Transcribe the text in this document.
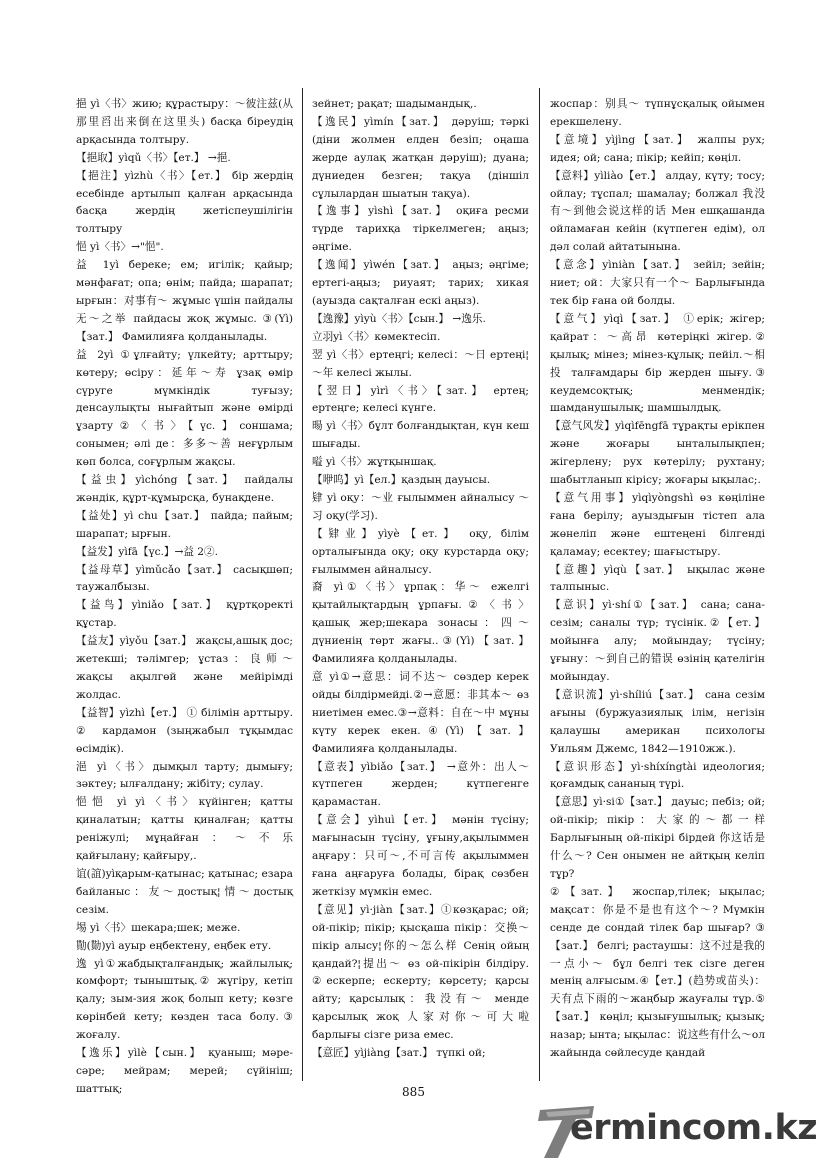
挹 yì〈书〉жию; құрастыру：～彼注兹(从那里舀出来倒在这里头) басқа біреудің арқасында толтыру.

【挹取】yìqǔ〈书〉【ет.】 →挹.

【挹注】yìzhù〈书〉【ет.】 бір жердің есебінде артылып қалған арқасында басқа жердің жетіспеушілігін толтыру

悒 yì〈书〉→"悒".

益 1yì береке; ем; игілік; қайыр; мәнфағат; опа; өнім; пайда; шарапат; ырғын：对事有～ жұмыс үшін пайдалы 无～之举 пайдасы жоқ жұмыс. ③(Yì)【зат.】 Фамилияға қолданылады.

益 2yì ①ұлғайту; үлкейту; арттыру; көтеру; өсіру：延年～寿 ұзақ өмір сүруге мүмкіндік туғызу; денсаулықты нығайтып және өмірді ұзарту②〈书〉【үс.】соншама; сонымен; әлі де：多多～善 неғұрлым көп болса, соғұрлым жақсы.

【益虫】yìchóng【зат.】 пайдалы жәндік, құрт-құмырсқа, бунақдене.

【益处】yì chu【зат.】 пайда; пайым; шарапат; ырғын.

【益发】yìfā【үс.】→益 2②.

【益母草】yìmǔcǎo【зат.】 сасықшөп; таужалбызы.

【益鸟】yìniǎo【зат.】 құртқоректі құстар.

【益友】yìyǒu【зат.】 жақсы,ашық дос; жетекші; тәлімгер; ұстаз：良师～ жақсы ақылгөй және мейірімді жолдас.

【益智】yìzhì【ет.】 ① білімін арттыру. ② кардамон (зыңжабыл тұқымдас өсімдік).

浥 yì〈书〉дымқыл тарту; дымығу; зәктеу; ылғалдану; жібіту; сулау.

悒悒 yì yì〈书〉күйінген; қатты қиналатын; қатты қиналған; қатты реніжулі; мұңайған：～不乐 қайғылану; қайғыру,.

谊(誼)yìқарым-қатынас; қатынас; езара байланыс：友～достық¦情～достық сезім.

埸 yì〈书〉шекара;шек; меже.

勩(勚)yì ауыр еңбектену, еңбек ету.

逸 yì①жабдықталғандық; жайлылық; комфорт; тыныштық.② жүгіру, кетіп қалу; зым-зия жоқ болып кету; көзге көрінбей кету; көзден таса болу.③ жоғалу.

【逸乐】yìlè【сын.】 қуаныш; мәре-сәре; мейрам; мерей; сүйініш; шаттық;

зейнет; рақат; шадымандық,.

【逸民】yìmín【зат.】 дәруіш; тәркі (діни жолмен елден безіп; оңаша жерде аулақ жатқан дәруіш); дуана; дүниеден безген; тақуа (діншіл сұлылардан шыатын тақуа).

【逸事】yìshì【зат.】 оқиға ресми түрде тарихқа тіркелмеген; аңыз; әңгіме.

【逸闻】yìwén【зат.】 аңыз; әңгіме; ертегі-аңыз; риуаят; тарих; хикая (ауызда сақталған ескі аңыз).

【逸豫】yìyù〈书〉【сын.】 →逸乐.

立羽yì〈书〉көмектесіп.

翌 yì〈书〉ертеңгі; келесі：～日 ертеңі¦～年 келесі жылы.

【翌日】yìrì〈书〉【зат.】 ертең; ертеңге; келесі күнге.

暘 yì〈书〉бұлт болғандықтан, күн кеш шығады.

嗌 yì〈书〉жұтқыншақ.

【咿呜】yì【ел.】қаздың дауысы.

肄 yì оқу：～业 ғылыммен айналысу ～习 оқу(学习).

【肄业】yìyè【ет.】 оқу, білім орталығында оқу; оқу курстарда оқу; ғылыммен айналысу.

裔 yì①〈书〉ұрпақ：华～ ежелгі қытайлықтардың ұрпағы.②〈书〉қашық жер;шекара зонасы：四～ дүниенің төрт жағы..③(Yì)【зат.】 Фамилияға қолданылады.

意 yì①→意思：词不达～ сөздер керек ойды білдірмейді.②→意愿：非其本～ өз ниетімен емес.③→意料：自在～中 мұны күту керек екен.④(Yì)【зат.】 Фамилияға қолданылады.

【意表】yìbiǎo【зат.】 →意外：出人～ күтпеген жерден; күтпегенге қарамастан.

【意会】yìhuì【ет.】 мәнін түсіну; мағынасын түсіну, ұғыну,ақылыммен аңғару：只可～,不可言传 ақылыммен ғана аңғаруға болады, бірақ сөзбен жеткізу мүмкін емес.

【意见】yì·jiàn【зат.】①көзқарас; ой; ой-пікір; пікір; қысқаша пікір：交换～ пікір алысу¦你的～怎么样 Сенің ойың қандай?¦提出～ өз ой-пікірін білдіру. ②ескерпе; ескерту; көрсету; қарсы айту; қарсылық：我没有～ менде қарсылық жоқ 人家对你～可大啦 барлығы сізге риза емес.

【意匠】yìjiàng【зат.】 түпкі ой;

жоспар：别具～ түпнұсқалық ойымен ерекшелену.

【意境】yìjìng【зат.】 жалпы рух; идея; ой; сана; пікір; кейіп; көңіл.

【意料】yìliào【ет.】 алдау, күту; тосу; ойлау; тұспал; шамалау; болжал 我没有～到他会说这样的话 Мен ешқашанда ойламаған кейін (күтпеген едім), ол дәл солай айтатынына.

【意念】yìniàn【зат.】 зейіл; зейін; ниет; ой：大家只有一个～ Барлығында тек бір ғана ой болды.

【意气】yìqì【зат.】 ①ерік; жігер; қайрат：～高昂 көтеріңкі жігер.② қылық; мінез; мінез-құлық; пейіл.～相投 талғамдары бір жерден шығу.③ кеудемсоқтық; менмендік; шамданушылық; шамшылдық.

【意气风发】yìqìfēngfā тұрақты ерікпен және жоғары ынталылықпен; жігерлену; рух көтерілу; рухтану; шабытланып кірісу; жоғары ықылас;.

【意气用事】yìqìyòngshì өз көңіліне ғана берілу; ауыздығын тістеп ала жөнеліп және ештеңені білгенді қаламау; есектеу; шағыстыру.

【意趣】yìqù【зат.】 ықылас және талпыныс.

【意识】yì·shí①【зат.】 сана; сана-сезім; саналы түр; түсінік.②【ет.】 мойынға алу; мойындау; түсіну; ұғыну：～到自己的错误 өзінің қателігін мойындау.

【意识流】yì·shíliú【зат.】 сана сезім ағыны (буржуазиялық ілім, негізін қалаушы американ психологы Уильям Джемс, 1842—1910жж.).

【意识形态】yì·shíxíngtài идеология; қоғамдық сананың түрі.

【意思】yì·si①【зат.】 дауыс; пебіз; ой; ой-пікір; пікір：大家的～都一样 Барлығының ой-пікірі бірдей 你这话是什么～? Сен онымен не айтқың келіп тұр?

②【зат.】 жоспар,тілек; ықылас; мақсат：你是不是也有这个～? Мүмкін сенде де сондай тілек бар шығар? ③【зат.】 белгі; растаушы：这不过是我的一点小～ бұл белгі тек сізге деген менің алғысым.④【ет.】(趋势或苗头)：天有点下雨的～жаңбыр жауғалы тұр.⑤【зат.】 көңіл; қызығушылық; қызық; назар; ынта; ықылас：说这些有什么～ол жайында сөйлесуде қандай

885
ermincom.kz
